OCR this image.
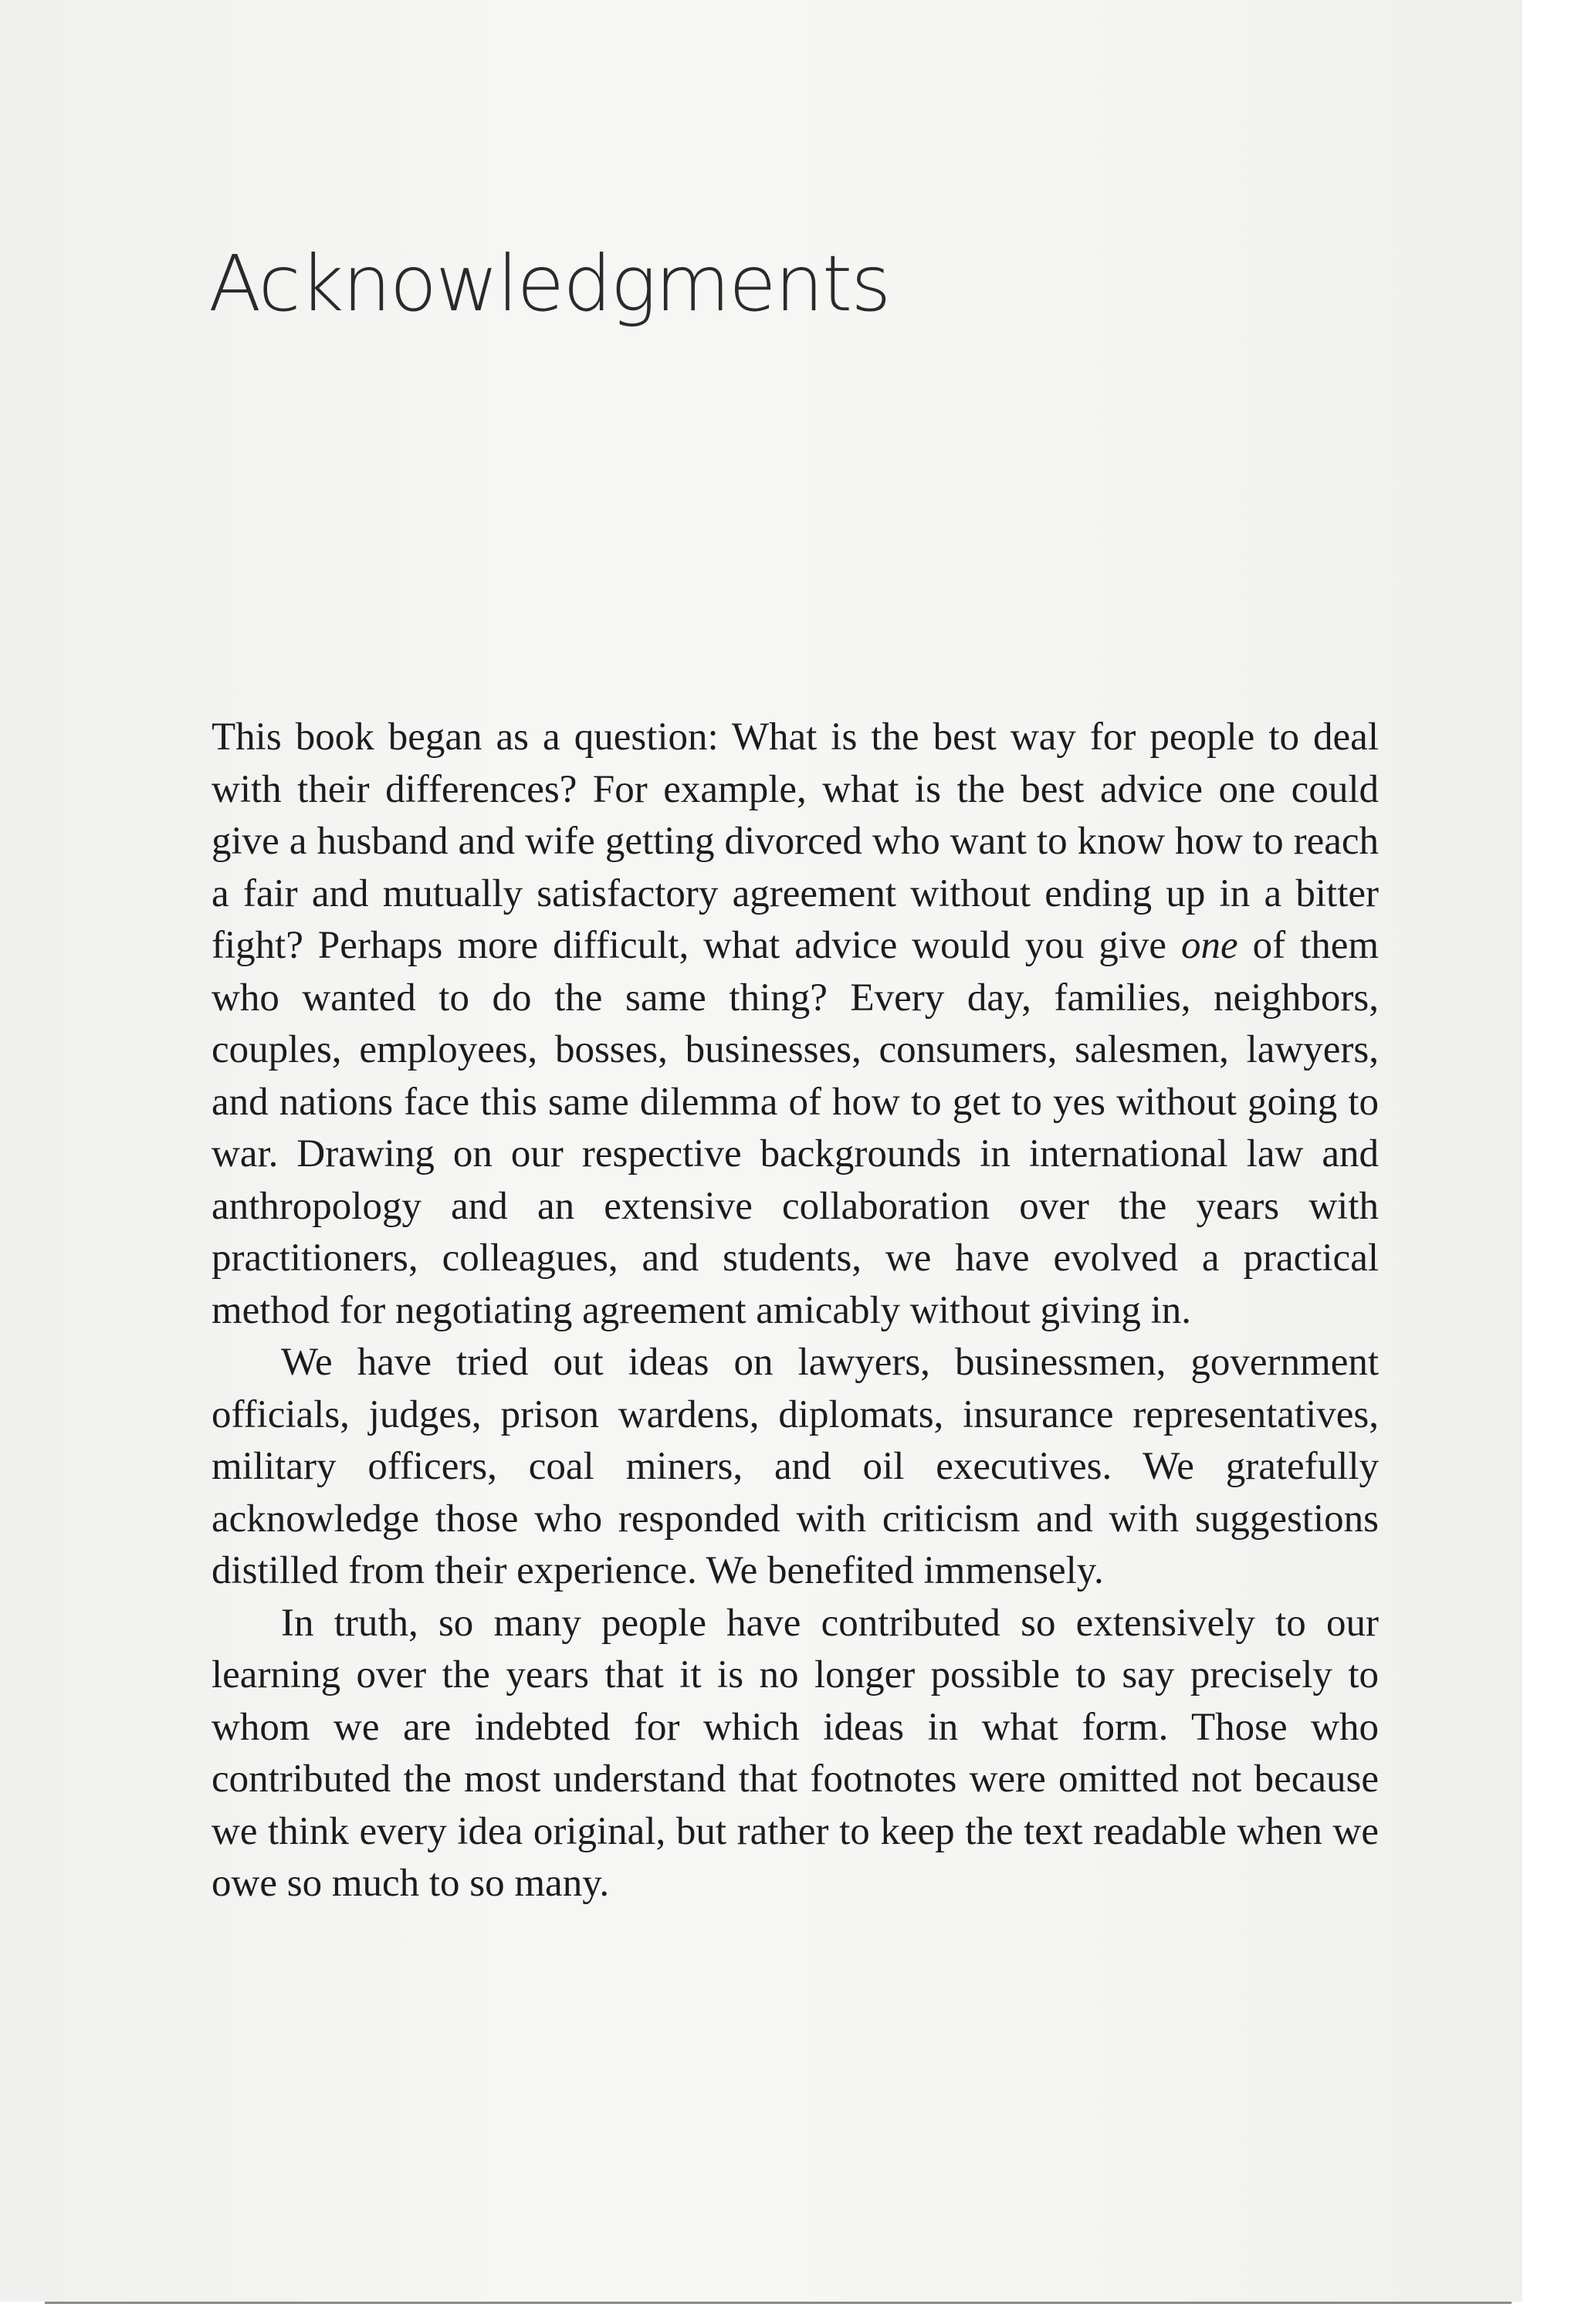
Acknowledgments

This book began as a question: What is the best way for people to deal with their differences? For example, what is the best advice one could give a husband and wife getting divorced who want to know how to reach a fair and mutually satisfactory agreement without ending up in a bitter fight? Perhaps more difficult, what advice would you give one of them who wanted to do the same thing? Every day, families, neighbors, couples, employees, bosses, businesses, consumers, salesmen, lawyers, and nations face this same dilemma of how to get to yes without going to war. Drawing on our respective backgrounds in international law and anthropology and an extensive collaboration over the years with practitioners, colleagues, and students, we have evolved a practical method for negotiating agreement amicably without giving in.

We have tried out ideas on lawyers, businessmen, government officials, judges, prison wardens, diplomats, insurance representatives, military officers, coal miners, and oil executives. We gratefully acknowledge those who responded with criticism and with suggestions distilled from their experience. We benefited immensely.

In truth, so many people have contributed so extensively to our learning over the years that it is no longer possible to say precisely to whom we are indebted for which ideas in what form. Those who contributed the most understand that footnotes were omitted not because we think every idea original, but rather to keep the text readable when we owe so much to so many.
